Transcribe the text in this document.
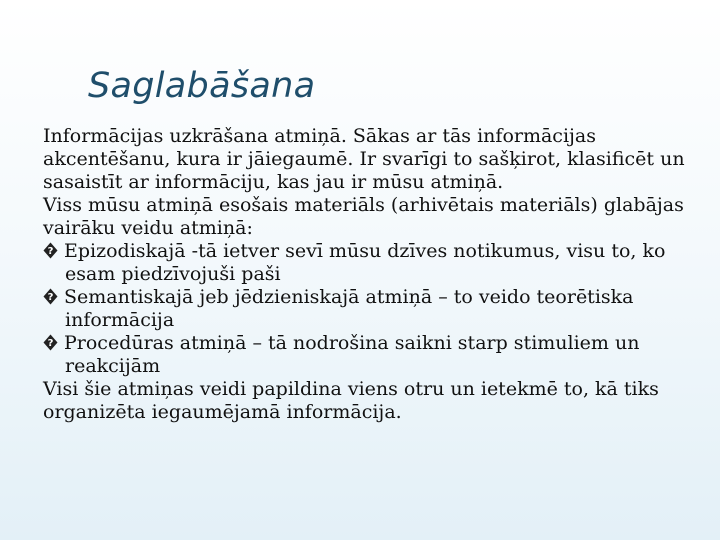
Saglabāšana

Informācijas uzkrāšana atmiņā. Sākas ar tās informācijas akcentēšanu, kura ir jāiegaumē. Ir svarīgi to sašķirot, klasificēt un sasaistīt ar informāciju, kas jau ir mūsu atmiņā.

Viss mūsu atmiņā esošais materiāls (arhivētais materiāls) glabājas vairāku veidu atmiņā:

? Epizodiskajā -tā ietver sevī mūsu dzīves notikumus, visu to, ko esam piedzīvojuši paši

? Semantiskajā jeb jēdzieniskajā atmiņā – to veido teorētiska informācija

? Procedūras atmiņā – tā nodrošina saikni starp stimuliem un reakcijām

Visi šie atmiņas veidi papildina viens otru un ietekmē to, kā tiks organizēta iegaumējamā informācija.
